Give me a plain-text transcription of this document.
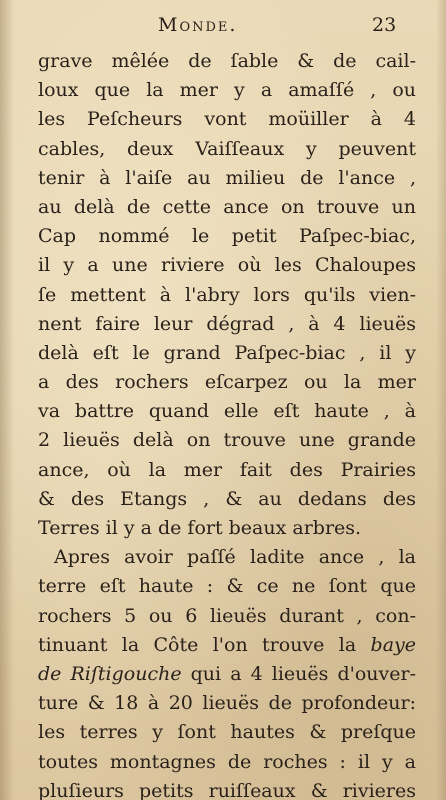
Monde.	23
grave mêlée de ſable & de cail-
loux que la mer y a amaſſé , ou
les Peſcheurs vont moüiller à 4
cables, deux Vaiſſeaux y peuvent
tenir à l'aiſe au milieu de l'ance ,
au delà de cette ance on trouve un
Cap nommé le petit Paſpec-biac,
il y a une riviere où les Chaloupes
ſe mettent à l'abry lors qu'ils vien-
nent faire leur dégrad , à 4 lieuës
delà eſt le grand Paſpec-biac , il y
a des rochers eſcarpez ou la mer
va battre quand elle eſt haute , à
2 lieuës delà on trouve une grande
ance, où la mer fait des Prairies
& des Etangs , & au dedans des
Terres il y a de fort beaux arbres.
Apres avoir paſſé ladite ance , la
terre eſt haute : & ce ne ſont que
rochers 5 ou 6 lieuës durant , con-
tinuant la Côte l'on trouve la baye
de Riſtigouche qui a 4 lieuës d'ouver-
ture & 18 à 20 lieuës de profondeur:
les terres y ſont hautes & preſque
toutes montagnes de roches : il y a
pluſieurs petits ruiſſeaux & rivieres
